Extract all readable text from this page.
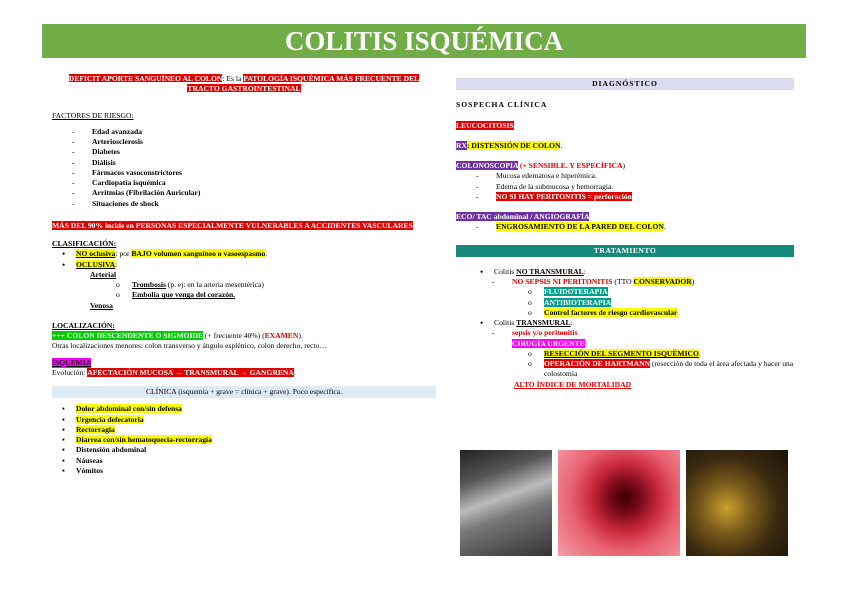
COLITIS ISQUÉMICA
DEFICIT APORTE SANGUÍNEO AL COLON: Es la PATOLOGÍA ISQUÉMICA MÁS FRECUENTE DEL TRACTO GASTROINTESTINAL
FACTORES DE RIESGO:
- Edad avanzada
- Arteriosclerosis
- Diabetes
- Diálisis
- Fármacos vasoconstrictores
- Cardiopatía isquémica
- Arritmias (Fibrilación Auricular)
- Situaciones de shock
MÁS DEL 90% incide en PERSONAS ESPECIALMENTE VULNERABLES A ACCIDENTES VASCULARES
CLASIFICACIÓN:
• NO oclusiva: por BAJO volumen sanguíneo o vasoespasmo.
• OCLUSIVA:
Arterial
o Trombosis (p. ej: en la arteria mesentérica)
o Embolia que venga del corazón.
Venosa
LOCALIZACIÓN:
+++ COLON DESCENDENTE O SIGMOIDE (+ frecuente 40%) (EXAMEN).
Otras localizaciones menores: colon transverso y ángulo esplénico, colon derecho, recto…
ISQUEMIA
Evolución: AFECTACIÓN MUCOSA → TRANSMURAL → GANGRENA.
CLÍNICA (isquemia + grave = clínica + grave). Poco específica.
▪ Dolor abdominal con/sin defensa
▪ Urgencia defecatoria
▪ Rectorragia
▪ Diarrea con/sin hematoquecia-rectorragia
▪ Distensión abdominal
▪ Náuseas
▪ Vómitos
DIAGNÓSTICO
SOSPECHA CLÍNICA
LEUCOCITOSIS
RX: DISTENSIÓN DE COLON.
COLONOSCOPIA (+ SENSIBLE. Y ESPECÍFICA)
- Mucosa edematosa e hiperémica.
- Edema de la submucosa y hemorragia.
- NO SI HAY PERITONITIS = perforación
ECO/ TAC abdominal / ANGIOGRAFÍA
- ENGROSAMIENTO DE LA PARED DEL COLON.
TRATAMIENTO
• Colitis NO TRANSMURAL:
- NO SEPSIS NI PERITONITIS (TTO CONSERVADOR)
o FLUIDOTERAPIA
o ANTIBIOTERAPIA
o Control factores de riesgo cardiovascular
• Colitis TRANSMURAL:
- sepsis y/o peritonitis
CIRUGÍA URGENTE:
o RESECCIÓN DEL SEGMENTO ISQUÉMICO.
o OPERACIÓN DE HARTMANN (resección de toda el área afectada y hacer una colostomía
ALTO ÍNDICE DE MORTALIDAD
